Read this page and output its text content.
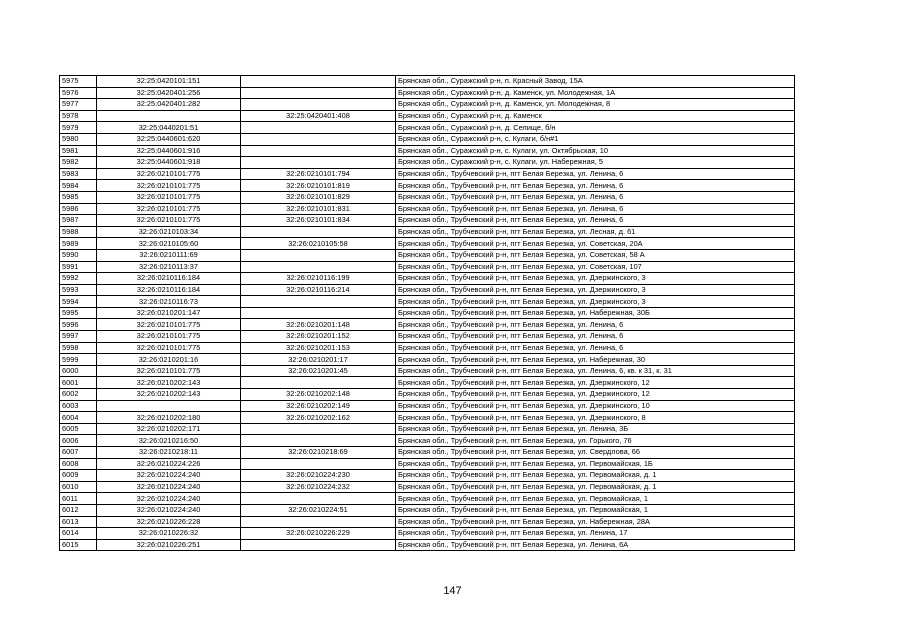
5975	32:25:0420101:151		Брянская обл., Суражский р-н, п. Красный Завод, 15А
5976	32:25:0420401:256		Брянская обл., Суражский р-н, д. Каменск, ул. Молодежная, 1А
5977	32:25:0420401:282		Брянская обл., Суражский р-н, д. Каменск, ул. Молодежная, 8
5978		32:25:0420401:408	Брянская обл., Суражский р-н, д. Каменск
5979	32:25:0440201:51		Брянская обл., Суражский р-н, д. Селище, б/н
5980	32:25:0440601:620		Брянская обл., Суражский р-н, с. Кулаги, б/н#1
5981	32:25:0440601:916		Брянская обл., Суражский р-н, с. Кулаги, ул. Октябрьская, 10
5982	32:25:0440601:918		Брянская обл., Суражский р-н, с. Кулаги, ул. Набережная, 5
5983	32:26:0210101:775	32:26:0210101:794	Брянская обл., Трубчевский р-н, пгт Белая Березка, ул. Ленина, 6
5984	32:26:0210101:775	32:26:0210101:819	Брянская обл., Трубчевский р-н, пгт Белая Березка, ул. Ленина, 6
5985	32:26:0210101:775	32:26:0210101:829	Брянская обл., Трубчевский р-н, пгт Белая Березка, ул. Ленина, 6
5986	32:26:0210101:775	32:26:0210101:831	Брянская обл., Трубчевский р-н, пгт Белая Березка, ул. Ленина, 6
5987	32:26:0210101:775	32:26:0210101:834	Брянская обл., Трубчевский р-н, пгт Белая Березка, ул. Ленина, 6
5988	32:26:0210103:34		Брянская обл., Трубчевский р-н, пгт Белая Березка, ул. Лесная, д. 61
5989	32:26:0210105:60	32:26:0210105:58	Брянская обл., Трубчевский р-н, пгт Белая Березка, ул. Советская, 20А
5990	32:26:0210111:69		Брянская обл., Трубчевский р-н, пгт Белая Березка, ул. Советская, 58 А
5991	32:26:0210113:37		Брянская обл., Трубчевский р-н, пгт Белая Березка, ул. Советская, 107
5992	32:26:0210116:184	32:26:0210116:199	Брянская обл., Трубчевский р-н, пгт Белая Березка, ул. Дзержинского, 3
5993	32:26:0210116:184	32:26:0210116:214	Брянская обл., Трубчевский р-н, пгт Белая Березка, ул. Дзержинского, 3
5994	32:26:0210116:73		Брянская обл., Трубчевский р-н, пгт Белая Березка, ул. Дзержинского, 3
5995	32:26:0210201:147		Брянская обл., Трубчевский р-н, пгт Белая Березка, ул. Набережная, 30Б
5996	32:26:0210101:775	32:26:0210201:148	Брянская обл., Трубчевский р-н, пгт Белая Березка, ул. Ленина, 6
5997	32:26:0210101:775	32:26:0210201:152	Брянская обл., Трубчевский р-н, пгт Белая Березка, ул. Ленина, 6
5998	32:26:0210101:775	32:26:0210201:153	Брянская обл., Трубчевский р-н, пгт Белая Березка, ул. Ленина, 6
5999	32:26:0210201:16	32:26:0210201:17	Брянская обл., Трубчевский р-н, пгт Белая Березка, ул. Набережная, 30
6000	32:26:0210101:775	32:26:0210201:45	Брянская обл., Трубчевский р-н, пгт Белая Березка, ул. Ленина, 6, кв. к 31, к. 31
6001	32:26:0210202:143		Брянская обл., Трубчевский р-н, пгт Белая Березка, ул. Дзержинского, 12
6002	32:26:0210202:143	32:26:0210202:148	Брянская обл., Трубчевский р-н, пгт Белая Березка, ул. Дзержинского, 12
6003		32:26:0210202:149	Брянская обл., Трубчевский р-н, пгт Белая Березка, ул. Дзержинского, 10
6004	32:26:0210202:180	32:26:0210202:162	Брянская обл., Трубчевский р-н, пгт Белая Березка, ул. Дзержинского, 8
6005	32:26:0210202:171		Брянская обл., Трубчевский р-н, пгт Белая Березка, ул. Ленина, 3Б
6006	32:26:0210216:50		Брянская обл., Трубчевский р-н, пгт Белая Березка, ул. Горького, 76
6007	32:26:0210218:11	32:26:0210218:69	Брянская обл., Трубчевский р-н, пгт Белая Березка, ул. Свердлова, 66
6008	32:26:0210224:226		Брянская обл., Трубчевский р-н, пгт Белая Березка, ул. Первомайская, 1Б
6009	32:26:0210224:240	32:26:0210224:230	Брянская обл., Трубчевский р-н, пгт Белая Березка, ул. Первомайская, д. 1
6010	32:26:0210224:240	32:26:0210224:232	Брянская обл., Трубчевский р-н, пгт Белая Березка, ул. Первомайская, д. 1
6011	32:26:0210224:240		Брянская обл., Трубчевский р-н, пгт Белая Березка, ул. Первомайская, 1
6012	32:26:0210224:240	32:26:0210224:51	Брянская обл., Трубчевский р-н, пгт Белая Березка, ул. Первомайская, 1
6013	32:26:0210226:228		Брянская обл., Трубчевский р-н, пгт Белая Березка, ул. Набережная, 28А
6014	32:26:0210226:32	32:26:0210226:229	Брянская обл., Трубчевский р-н, пгт Белая Березка, ул. Ленина, 17
6015	32:26:0210226:251		Брянская обл., Трубчевский р-н, пгт Белая Березка, ул. Ленина, 6А
147
